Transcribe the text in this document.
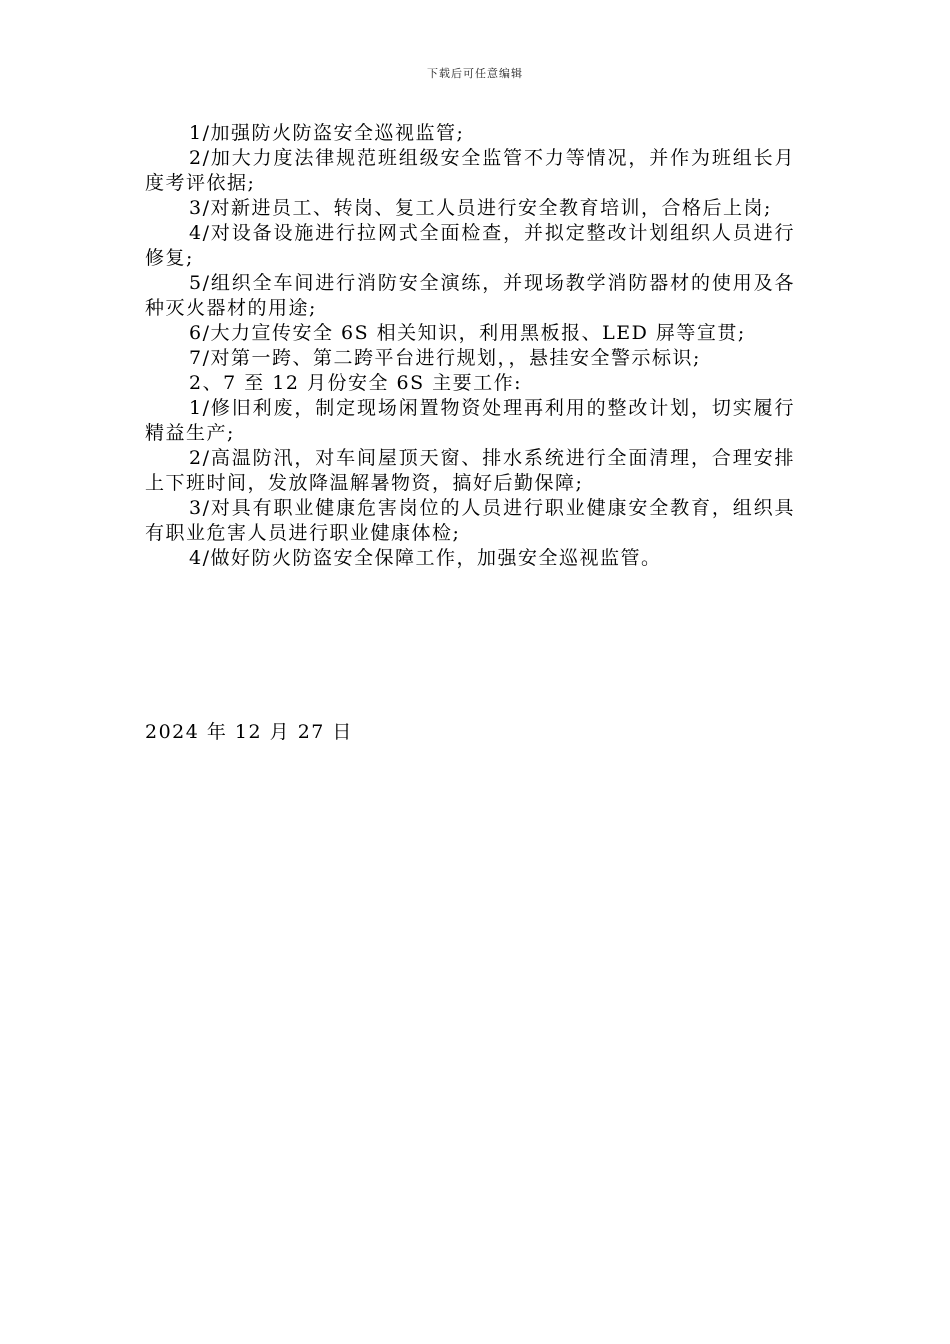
下载后可任意编辑

1/加强防火防盗安全巡视监管;

2/加大力度法律规范班组级安全监管不力等情况，并作为班组长月度考评依据;

3/对新进员工、转岗、复工人员进行安全教育培训，合格后上岗;

4/对设备设施进行拉网式全面检查，并拟定整改计划组织人员进行修复;

5/组织全车间进行消防安全演练，并现场教学消防器材的使用及各种灭火器材的用途;

6/大力宣传安全 6S 相关知识，利用黑板报、LED 屏等宣贯;

7/对第一跨、第二跨平台进行规划，，悬挂安全警示标识;

2、7 至 12 月份安全 6S 主要工作:

1/修旧利废，制定现场闲置物资处理再利用的整改计划，切实履行精益生产;

2/高温防汛，对车间屋顶天窗、排水系统进行全面清理，合理安排上下班时间，发放降温解暑物资，搞好后勤保障;

3/对具有职业健康危害岗位的人员进行职业健康安全教育，组织具有职业危害人员进行职业健康体检;

4/做好防火防盗安全保障工作，加强安全巡视监管。

2024 年 12 月 27 日
